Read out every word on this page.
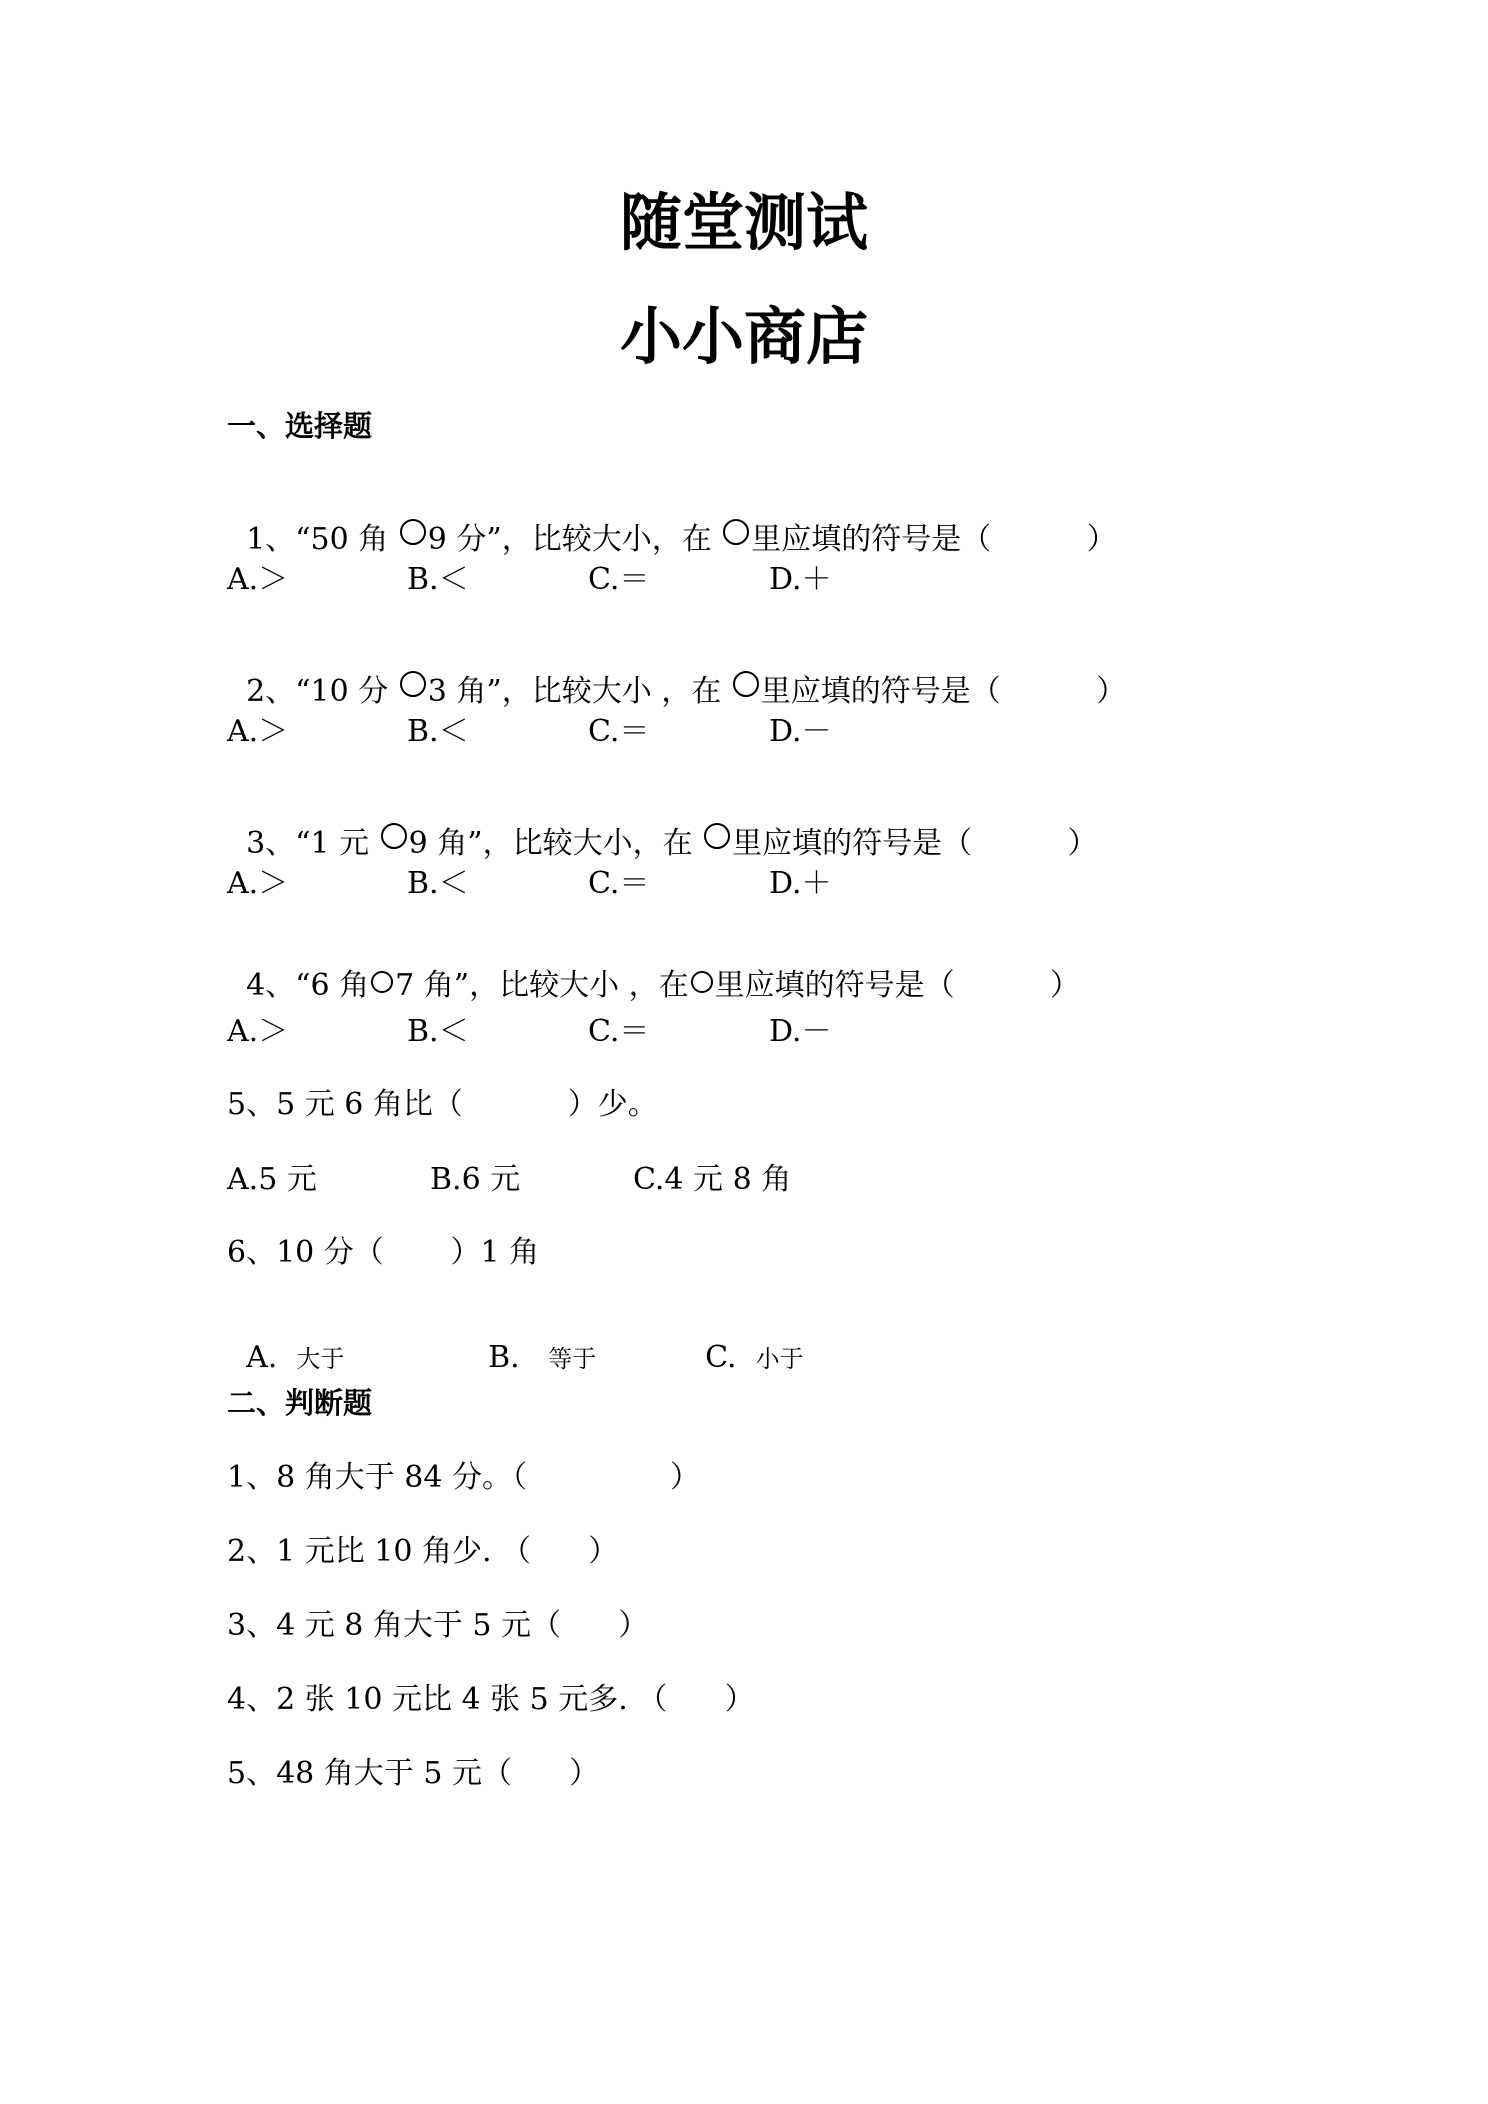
随堂测试
小小商店
一、选择题

1、“50 角 9 分”，比较大小，在 里应填的符号是（          ）

A.＞	B.＜	C.＝	D.＋

2、“10 分 3 角”，比较大小 ，在 里应填的符号是（          ）

A.＞	B.＜	C.＝	D.－

3、“1 元 9 角”，比较大小，在 里应填的符号是（          ）

A.＞	B.＜	C.＝	D.＋

4、“6 角 7 角”，比较大小 ，在 里应填的符号是（          ）

A.＞	B.＜	C.＝	D.－
5、5 元 6 角比（           ）少。
A.5 元	B.6 元	C.4 元 8 角
6、10 分（       ）1 角

A. 大于	B. 等于	C. 小于

二、判断题
1、8 角大于 84 分。（               ）
2、1 元比 10 角少. （      ）
3、4 元 8 角大于 5 元（      ）
4、2 张 10 元比 4 张 5 元多. （      ）
5、48 角大于 5 元（      ）
